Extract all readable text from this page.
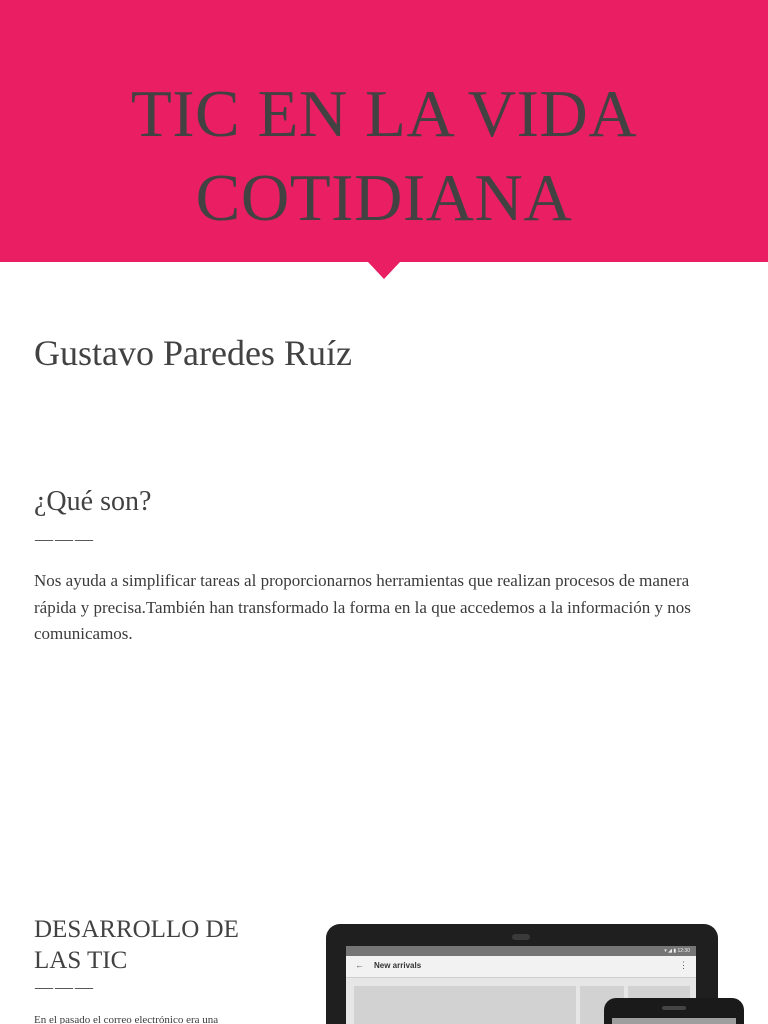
TIC EN LA VIDA
COTIDIANA
Gustavo Paredes Ruíz
¿Qué son?
———

Nos ayuda a simplificar tareas al proporcionarnos herramientas que realizan procesos de manera rápida y precisa.También han transformado la forma en la que accedemos a la información y nos comunicamos.

DESARROLLO DE LAS TIC
———

En el pasado el correo electrónico era una

▾ ◢ ▮ 12:30
← New arrivals	⋮
